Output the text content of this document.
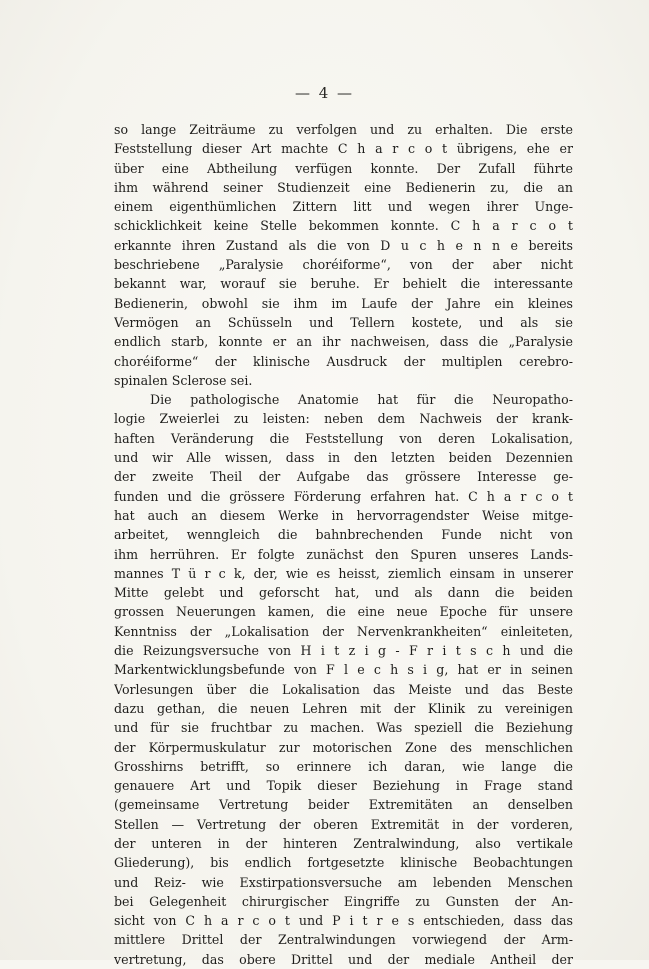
— 4 —
so lange Zeiträume zu verfolgen und zu erhalten. Die erste
Feststellung dieser Art machte C h a r c o t übrigens, ehe er
über eine Abtheilung verfügen konnte. Der Zufall führte
ihm während seiner Studienzeit eine Bedienerin zu, die an
einem eigenthümlichen Zittern litt und wegen ihrer Unge-
schicklichkeit keine Stelle bekommen konnte. C h a r c o t
erkannte ihren Zustand als die von D u c h e n n e bereits
beschriebene „Paralysie choréiforme“, von der aber nicht
bekannt war, worauf sie beruhe. Er behielt die interessante
Bedienerin, obwohl sie ihm im Laufe der Jahre ein kleines
Vermögen an Schüsseln und Tellern kostete, und als sie
endlich starb, konnte er an ihr nachweisen, dass die „Paralysie
choréiforme“ der klinische Ausdruck der multiplen cerebro-
spinalen Sclerose sei.
Die pathologische Anatomie hat für die Neuropatho-
logie Zweierlei zu leisten: neben dem Nachweis der krank-
haften Veränderung die Feststellung von deren Lokalisation,
und wir Alle wissen, dass in den letzten beiden Dezennien
der zweite Theil der Aufgabe das grössere Interesse ge-
funden und die grössere Förderung erfahren hat. C h a r c o t
hat auch an diesem Werke in hervorragendster Weise mitge-
arbeitet, wenngleich die bahnbrechenden Funde nicht von
ihm herrühren. Er folgte zunächst den Spuren unseres Lands-
mannes T ü r c k, der, wie es heisst, ziemlich einsam in unserer
Mitte gelebt und geforscht hat, und als dann die beiden
grossen Neuerungen kamen, die eine neue Epoche für unsere
Kenntniss der „Lokalisation der Nervenkrankheiten“ einleiteten,
die Reizungsversuche von H i t z i g - F r i t s c h und die
Markentwicklungsbefunde von F l e c h s i g, hat er in seinen
Vorlesungen über die Lokalisation das Meiste und das Beste
dazu gethan, die neuen Lehren mit der Klinik zu vereinigen
und für sie fruchtbar zu machen. Was speziell die Beziehung
der Körpermuskulatur zur motorischen Zone des menschlichen
Grosshirns betrifft, so erinnere ich daran, wie lange die
genauere Art und Topik dieser Beziehung in Frage stand
(gemeinsame Vertretung beider Extremitäten an denselben
Stellen — Vertretung der oberen Extremität in der vorderen,
der unteren in der hinteren Zentralwindung, also vertikale
Gliederung), bis endlich fortgesetzte klinische Beobachtungen
und Reiz- wie Exstirpationsversuche am lebenden Menschen
bei Gelegenheit chirurgischer Eingriffe zu Gunsten der An-
sicht von C h a r c o t und P i t r e s entschieden, dass das
mittlere Drittel der Zentralwindungen vorwiegend der Arm-
vertretung, das obere Drittel und der mediale Antheil der
